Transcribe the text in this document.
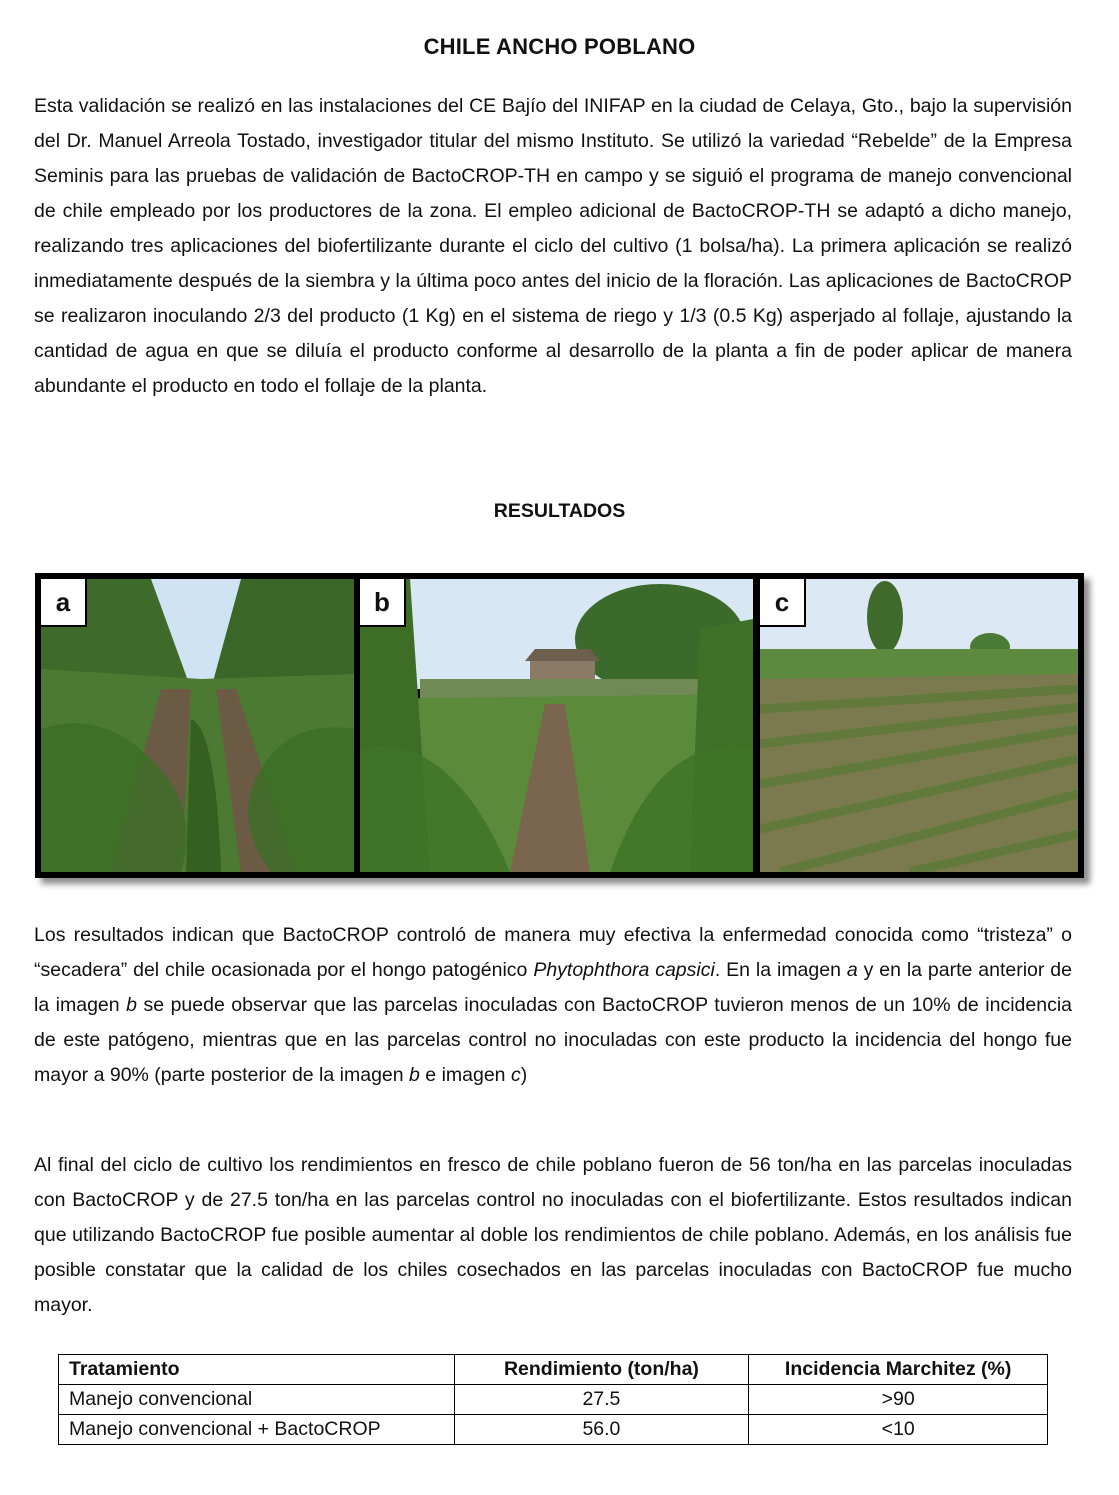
CHILE ANCHO POBLANO

Esta validación se realizó en las instalaciones del CE Bajío del INIFAP en la ciudad de Celaya, Gto., bajo la supervisión del Dr. Manuel Arreola Tostado, investigador titular del mismo Instituto. Se utilizó la variedad “Rebelde” de la Empresa Seminis para las pruebas de validación de BactoCROP-TH en campo y se siguió el programa de manejo convencional de chile empleado por los productores de la zona. El empleo adicional de BactoCROP-TH se adaptó a dicho manejo, realizando tres aplicaciones del biofertilizante durante el ciclo del cultivo (1 bolsa/ha). La primera aplicación se realizó inmediatamente después de la siembra y la última poco antes del inicio de la floración. Las aplicaciones de BactoCROP se realizaron inoculando 2/3 del producto (1 Kg) en el sistema de riego y 1/3 (0.5 Kg) asperjado al follaje, ajustando la cantidad de agua en que se diluía el producto conforme al desarrollo de la planta a fin de poder aplicar de manera abundante el producto en todo el follaje de la planta.

RESULTADOS
a	b	c

Los resultados indican que BactoCROP controló de manera muy efectiva la enfermedad conocida como “tristeza” o “secadera” del chile ocasionada por el hongo patogénico Phytophthora capsici. En la imagen a y en la parte anterior de la imagen b se puede observar que las parcelas inoculadas con BactoCROP tuvieron menos de un 10% de incidencia de este patógeno, mientras que en las parcelas control no inoculadas con este producto la incidencia del hongo fue mayor a 90% (parte posterior de la imagen b e imagen c)

Al final del ciclo de cultivo los rendimientos en fresco de chile poblano fueron de 56 ton/ha en las parcelas inoculadas con BactoCROP y de 27.5 ton/ha en las parcelas control no inoculadas con el biofertilizante. Estos resultados indican que utilizando BactoCROP fue posible aumentar al doble los rendimientos de chile poblano. Además, en los análisis fue posible constatar que la calidad de los chiles cosechados en las parcelas inoculadas con BactoCROP fue mucho mayor.

Tratamiento	Rendimiento (ton/ha)	Incidencia Marchitez (%)
Manejo convencional	27.5	>90
Manejo convencional + BactoCROP	56.0	<10
